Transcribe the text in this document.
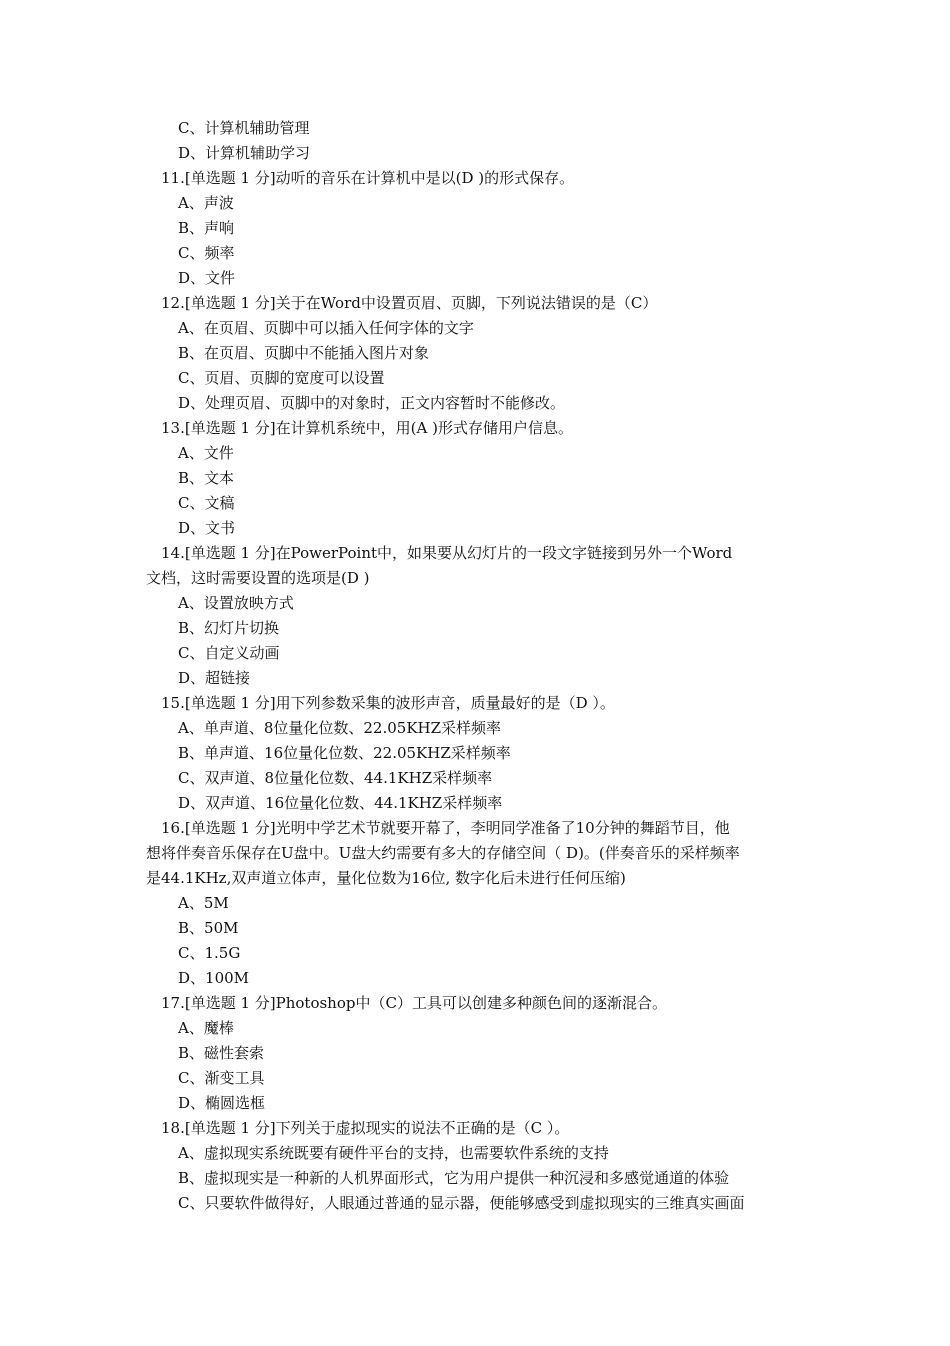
C、计算机辅助管理
D、计算机辅助学习
11.[单选题 1 分]动听的音乐在计算机中是以(D )的形式保存。
A、声波
B、声响
C、频率
D、文件
12.[单选题 1 分]关于在Word中设置页眉、页脚，下列说法错误的是（C）
A、在页眉、页脚中可以插入任何字体的文字
B、在页眉、页脚中不能插入图片对象
C、页眉、页脚的宽度可以设置
D、处理页眉、页脚中的对象时，正文内容暂时不能修改。
13.[单选题 1 分]在计算机系统中，用(A )形式存储用户信息。
A、文件
B、文本
C、文稿
D、文书
14.[单选题 1 分]在PowerPoint中，如果要从幻灯片的一段文字链接到另外一个Word
文档，这时需要设置的选项是(D )
A、设置放映方式
B、幻灯片切换
C、自定义动画
D、超链接
15.[单选题 1 分]用下列参数采集的波形声音，质量最好的是（D ）。
A、单声道、8位量化位数、22.05KHZ采样频率
B、单声道、16位量化位数、22.05KHZ采样频率
C、双声道、8位量化位数、44.1KHZ采样频率
D、双声道、16位量化位数、44.1KHZ采样频率
16.[单选题 1 分]光明中学艺术节就要开幕了，李明同学准备了10分钟的舞蹈节目，他
想将伴奏音乐保存在U盘中。U盘大约需要有多大的存储空间（ D)。(伴奏音乐的采样频率
是44.1KHz,双声道立体声，量化位数为16位, 数字化后未进行任何压缩)
A、5M
B、50M
C、1.5G
D、100M
17.[单选题 1 分]Photoshop中（C）工具可以创建多种颜色间的逐渐混合。
A、魔棒
B、磁性套索
C、渐变工具
D、椭圆选框
18.[单选题 1 分]下列关于虚拟现实的说法不正确的是（C ）。
A、虚拟现实系统既要有硬件平台的支持，也需要软件系统的支持
B、虚拟现实是一种新的人机界面形式，它为用户提供一种沉浸和多感觉通道的体验
C、只要软件做得好，人眼通过普通的显示器，便能够感受到虚拟现实的三维真实画面
